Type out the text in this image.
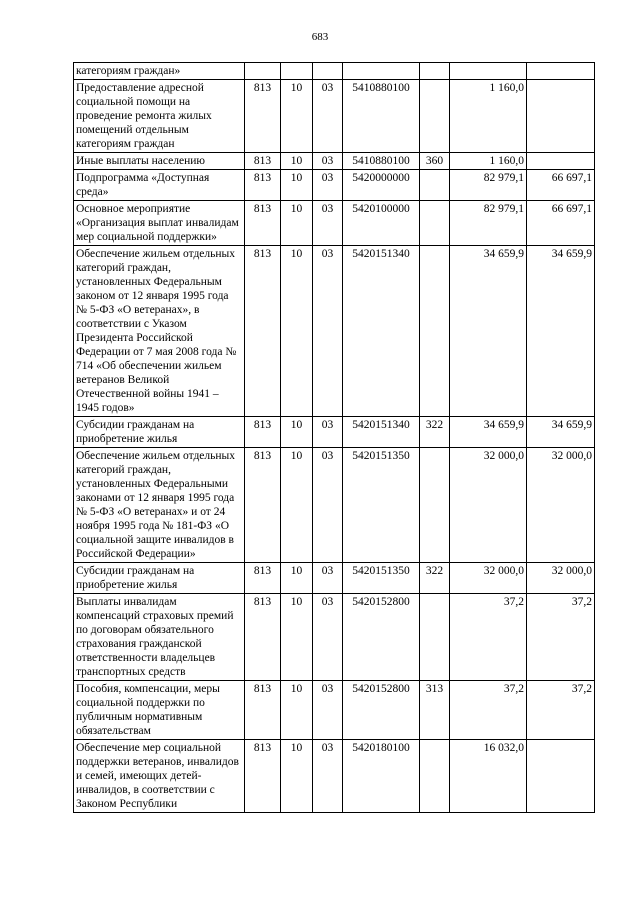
683
категориям граждан»							
Предоставление адресной социальной помощи на проведение ремонта жилых помещений отдельным категориям граждан	813	10	03	5410880100		1 160,0	
Иные выплаты населению	813	10	03	5410880100	360	1 160,0	
Подпрограмма «Доступная среда»	813	10	03	5420000000		82 979,1	66 697,1
Основное мероприятие «Организация выплат инвалидам мер социальной поддержки»	813	10	03	5420100000		82 979,1	66 697,1
Обеспечение жильем отдельных категорий граждан, установленных Федеральным законом от 12 января 1995 года № 5-ФЗ «О ветеранах», в соответствии с Указом Президента Российской Федерации от 7 мая 2008 года № 714 «Об обеспечении жильем ветеранов Великой Отечественной войны 1941 – 1945 годов»	813	10	03	5420151340		34 659,9	34 659,9
Субсидии гражданам на приобретение жилья	813	10	03	5420151340	322	34 659,9	34 659,9
Обеспечение жильем отдельных категорий граждан, установленных Федеральными законами от 12 января 1995 года № 5-ФЗ «О ветеранах» и от 24 ноября 1995 года № 181-ФЗ «О социальной защите инвалидов в Российской Федерации»	813	10	03	5420151350		32 000,0	32 000,0
Субсидии гражданам на приобретение жилья	813	10	03	5420151350	322	32 000,0	32 000,0
Выплаты инвалидам компенсаций страховых премий по договорам обязательного страхования гражданской ответственности владельцев транспортных средств	813	10	03	5420152800		37,2	37,2
Пособия, компенсации, меры социальной поддержки по публичным нормативным обязательствам	813	10	03	5420152800	313	37,2	37,2
Обеспечение мер социальной поддержки ветеранов, инвалидов и семей, имеющих детей-инвалидов, в соответствии с Законом Республики	813	10	03	5420180100		16 032,0	
